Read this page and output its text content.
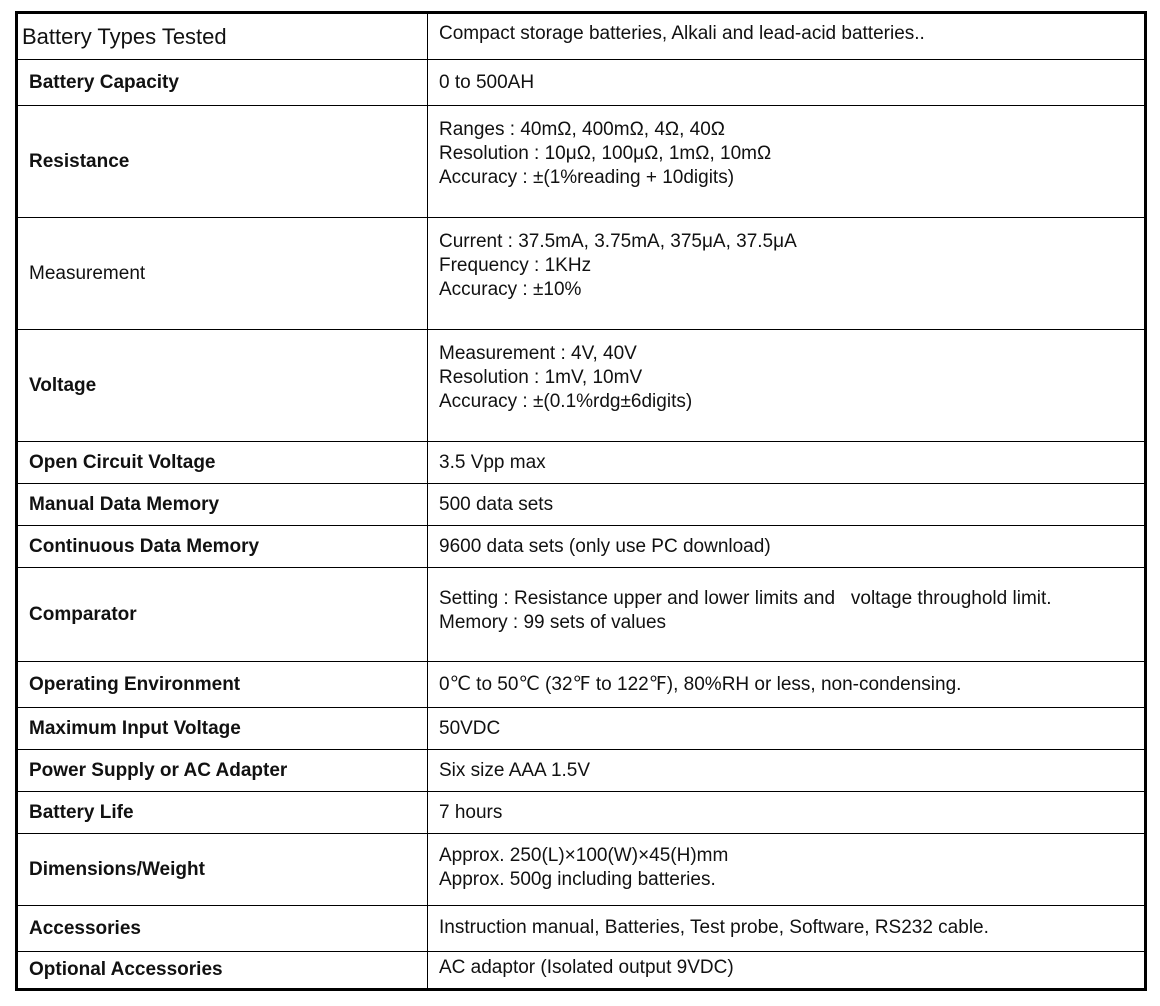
Battery Types Tested	Compact storage batteries, Alkali and lead-acid batteries..

Battery Capacity	0 to 500AH

Resistance	Ranges : 40mΩ, 400mΩ, 4Ω, 40Ω
Resolution : 10μΩ, 100μΩ, 1mΩ, 10mΩ
Accuracy : ±(1%reading + 10digits)

Measurement	Current : 37.5mA, 3.75mA, 375μA, 37.5μA
Frequency : 1KHz
Accuracy : ±10%

Voltage	Measurement : 4V, 40V
Resolution : 1mV, 10mV
Accuracy : ±(0.1%rdg±6digits)

Open Circuit Voltage	3.5 Vpp max

Manual Data Memory	500 data sets

Continuous Data Memory	9600 data sets (only use PC download)

Comparator	Setting : Resistance upper and lower limits and   voltage throughold limit.
Memory : 99 sets of values

Operating Environment	0℃ to 50℃ (32℉ to 122℉), 80%RH or less, non-condensing.

Maximum Input Voltage	50VDC

Power Supply or AC Adapter	Six size AAA 1.5V

Battery Life	7 hours

Dimensions/Weight	Approx. 250(L)×100(W)×45(H)mm
Approx. 500g including batteries.

Accessories	Instruction manual, Batteries, Test probe, Software, RS232 cable.

Optional Accessories	AC adaptor (Isolated output 9VDC)
